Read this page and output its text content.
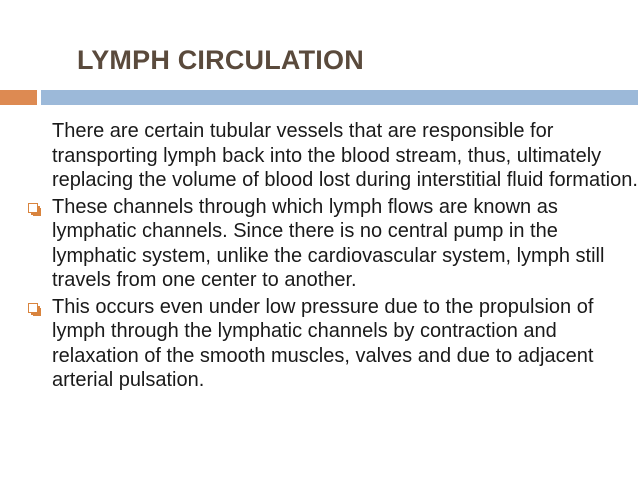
LYMPH CIRCULATION

There are certain tubular vessels that are responsible for transporting lymph back into the blood stream, thus, ultimately replacing the volume of blood lost during interstitial fluid formation.

These channels through which lymph flows are known as lymphatic channels. Since there is no central pump in the lymphatic system, unlike the cardiovascular system, lymph still travels from one center to another.

This occurs even under low pressure due to the propulsion of lymph through the lymphatic channels by contraction and relaxation of the smooth muscles, valves and due to adjacent arterial pulsation.
